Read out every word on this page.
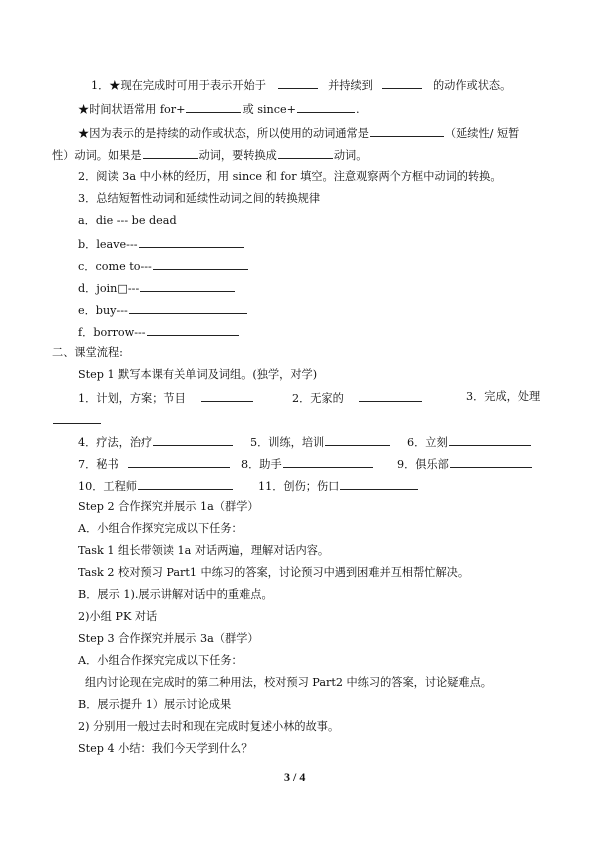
1．★现在完成时可用于表示开始于	并持续到	的动作或状态。
★时间状语常用 for+	或 since+	.
★因为表示的是持续的动作或状态，所以使用的动词通常是	（延续性/ 短暂
性）动词。如果是	动词，要转换成	动词。
2．阅读 3a 中小林的经历，用 since 和 for 填空。注意观察两个方框中动词的转换。
3．总结短暂性动词和延续性动词之间的转换规律
a．die --- be dead
b．leave---
c．come to---
d．join□---
e．buy---
f．borrow---
二、课堂流程:
Step 1 默写本课有关单词及词组。(独学，对学)
1．计划，方案；节目	2．无家的	3．完成，处理
4．疗法，治疗	5．训练，培训	6．立刻
7．秘书	8．助手	9．俱乐部
10．工程师	11．创伤；伤口
Step 2 合作探究并展示 1a（群学）
A．小组合作探究完成以下任务：
Task 1 组长带领读 1a 对话两遍，理解对话内容。
Task 2 校对预习 Part1 中练习的答案，讨论预习中遇到困难并互相帮忙解决。
B．展示 1).展示讲解对话中的重难点。
2)小组 PK 对话
Step 3 合作探究并展示 3a（群学）
A．小组合作探究完成以下任务：
组内讨论现在完成时的第二种用法，校对预习 Part2 中练习的答案，讨论疑难点。
B．展示提升 1）展示讨论成果
2) 分别用一般过去时和现在完成时复述小林的故事。
Step 4 小结：我们今天学到什么？
3 / 4
